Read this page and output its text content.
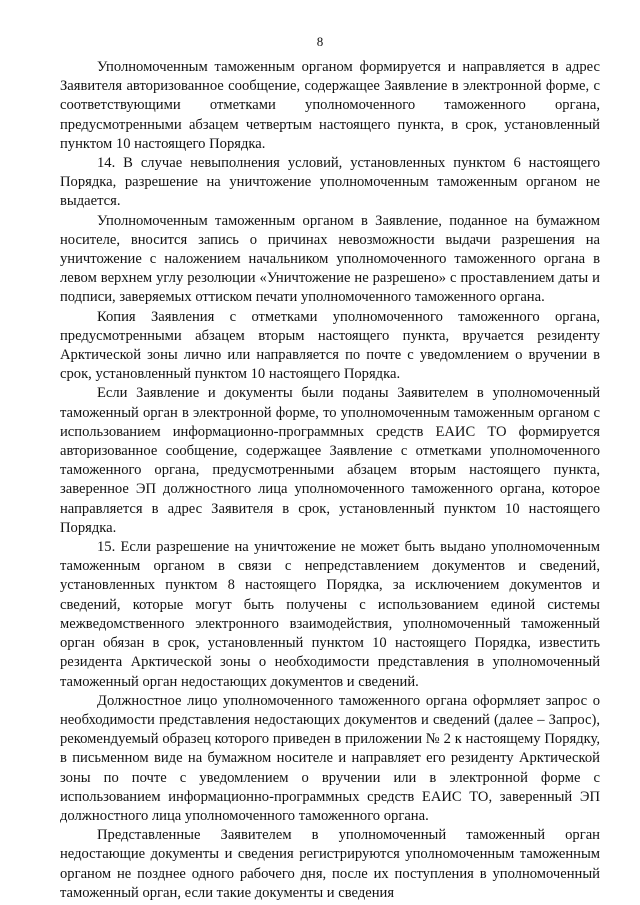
8

Уполномоченным таможенным органом формируется и направляется в адрес Заявителя авторизованное сообщение, содержащее Заявление в электронной форме, с соответствующими отметками уполномоченного таможенного органа, предусмотренными абзацем четвертым настоящего пункта, в срок, установленный пунктом 10 настоящего Порядка.

14. В случае невыполнения условий, установленных пунктом 6 настоящего Порядка, разрешение на уничтожение уполномоченным таможенным органом не выдается.

Уполномоченным таможенным органом в Заявление, поданное на бумажном носителе, вносится запись о причинах невозможности выдачи разрешения на уничтожение с наложением начальником уполномоченного таможенного органа в левом верхнем углу резолюции «Уничтожение не разрешено» с проставлением даты и подписи, заверяемых оттиском печати уполномоченного таможенного органа.

Копия Заявления с отметками уполномоченного таможенного органа, предусмотренными абзацем вторым настоящего пункта, вручается резиденту Арктической зоны лично или направляется по почте с уведомлением о вручении в срок, установленный пунктом 10 настоящего Порядка.

Если Заявление и документы были поданы Заявителем в уполномоченный таможенный орган в электронной форме, то уполномоченным таможенным органом с использованием информационно-программных средств ЕАИС ТО формируется авторизованное сообщение, содержащее Заявление с отметками уполномоченного таможенного органа, предусмотренными абзацем вторым настоящего пункта, заверенное ЭП должностного лица уполномоченного таможенного органа, которое направляется в адрес Заявителя в срок, установленный пунктом 10 настоящего Порядка.

15. Если разрешение на уничтожение не может быть выдано уполномоченным таможенным органом в связи с непредставлением документов и сведений, установленных пунктом 8 настоящего Порядка, за исключением документов и сведений, которые могут быть получены с использованием единой системы межведомственного электронного взаимодействия, уполномоченный таможенный орган обязан в срок, установленный пунктом 10 настоящего Порядка, известить резидента Арктической зоны о необходимости представления в уполномоченный таможенный орган недостающих документов и сведений.

Должностное лицо уполномоченного таможенного органа оформляет запрос о необходимости представления недостающих документов и сведений (далее – Запрос), рекомендуемый образец которого приведен в приложении № 2 к настоящему Порядку, в письменном виде на бумажном носителе и направляет его резиденту Арктической зоны по почте с уведомлением о вручении или в электронной форме с использованием информационно-программных средств ЕАИС ТО, заверенный ЭП должностного лица уполномоченного таможенного органа.

Представленные Заявителем в уполномоченный таможенный орган недостающие документы и сведения регистрируются уполномоченным таможенным органом не позднее одного рабочего дня, после их поступления в уполномоченный таможенный орган, если такие документы и сведения
